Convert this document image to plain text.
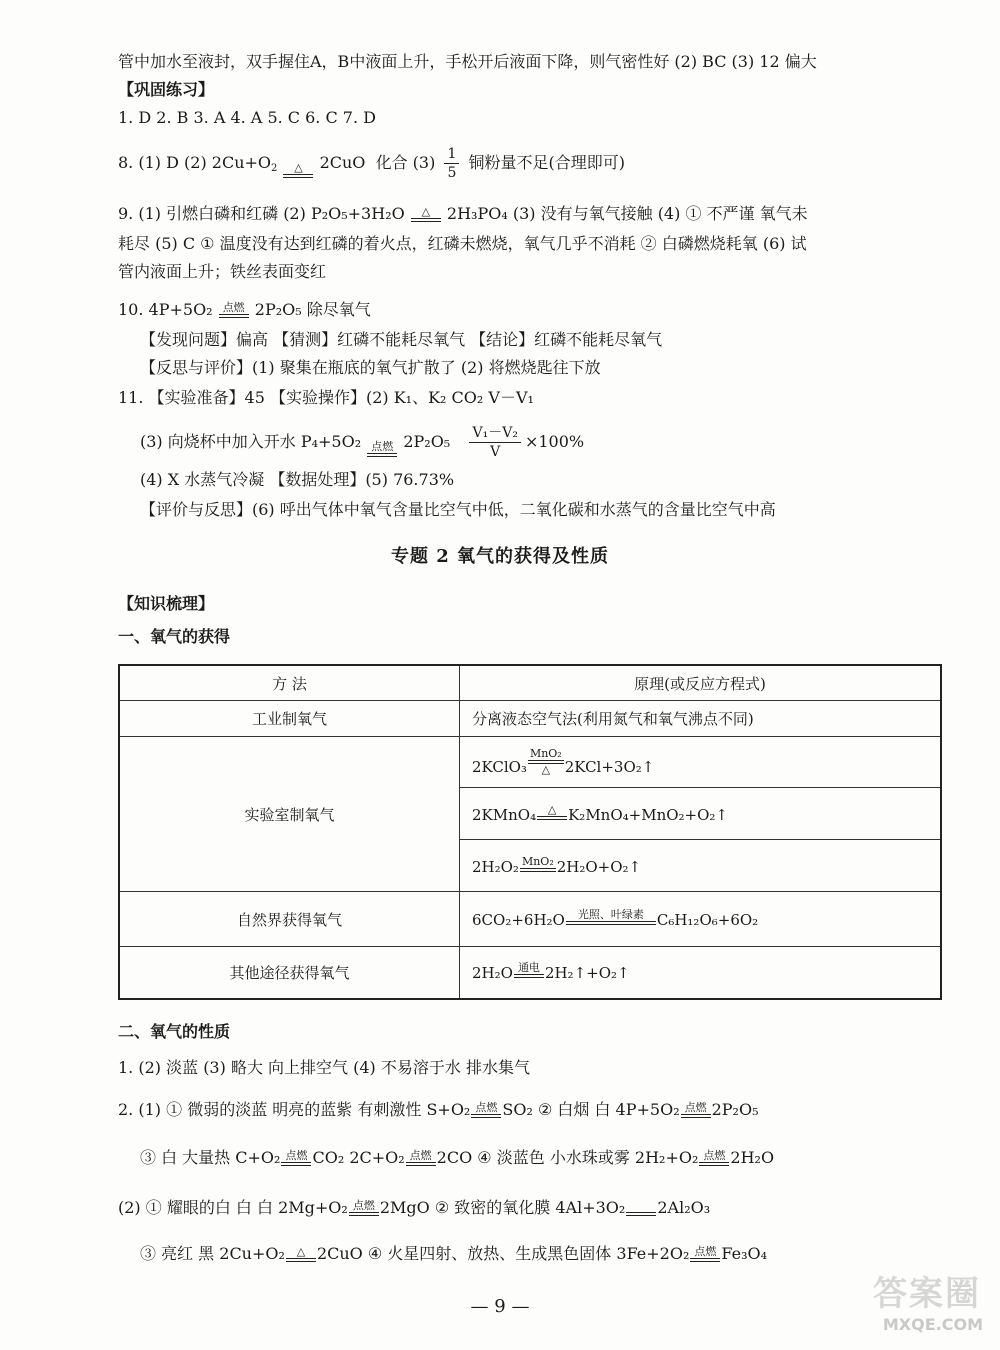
管中加水至液封，双手握住A，B中液面上升，手松开后液面下降，则气密性好 (2) BC (3) 12 偏大
【巩固练习】
1. D 2. B 3. A 4. A 5. C 6. C 7. D
8. (1) D (2) $2Cu+O_2$ △ 2CuO 化合 $(3) \frac{1}{5}$ 铜粉量不足(合理即可)
9. (1) 引燃白磷和红磷 (2) P₂O₅+3H₂O △ 2H₃PO₄ (3) 没有与氧气接触 (4) ① 不严谨 氧气未
耗尽 (5) C ① 温度没有达到红磷的着火点，红磷未燃烧，氧气几乎不消耗 ② 白磷燃烧耗氧 (6) 试
管内液面上升；铁丝表面变红
10. 4P+5O₂ 点燃 2P₂O₅ 除尽氧气
【发现问题】偏高 【猜测】红磷不能耗尽氧气 【结论】红磷不能耗尽氧气
【反思与评价】(1) 聚集在瓶底的氧气扩散了 (2) 将燃烧匙往下放
11. 【实验准备】45 【实验操作】(2) K₁、K₂ CO₂ V－V₁
(3) 向烧杯中加入开水 P₄+5O₂ 点燃 $2P_2O_5 \frac{\text{V₁－V₂}}{V} \times 100\%$
(4) X 水蒸气冷凝 【数据处理】(5) 76.73%
【评价与反思】(6) 呼出气体中氧气含量比空气中低，二氧化碳和水蒸气的含量比空气中高
专题 2 氧气的获得及性质
【知识梳理】
一、氧气的获得
方 法	原理(或反应方程式)
工业制氧气	分离液态空气法(利用氮气和氧气沸点不同)
实验室制氧气	2KClO₃
MnO₂
△ 2KCl+3O₂↑
	2KMnO₄ △ K₂MnO₄+MnO₂+O₂↑
	2H₂O₂ MnO₂ 2H₂O+O₂↑
自然界获得氧气	6CO₂+6H₂O 光照、叶绿素 C₆H₁₂O₆+6O₂
其他途径获得氧气	2H₂O 通电 2H₂↑+O₂↑
二、氧气的性质
1. (2) 淡蓝 (3) 略大 向上排空气 (4) 不易溶于水 排水集气
2. (1) ① 微弱的淡蓝 明亮的蓝紫 有刺激性 S+O₂ 点燃 SO₂ ② 白烟 白 4P+5O₂ 点燃 2P₂O₅
③ 白 大量热 C+O₂ 点燃 CO₂ 2C+O₂ 点燃 2CO ④ 淡蓝色 小水珠或雾 2H₂+O₂ 点燃 2H₂O
(2) ① 耀眼的白 白 白 2Mg+O₂ 点燃 2MgO ② 致密的氧化膜 4Al+3O₂ 2Al₂O₃
③ 亮红 黑 2Cu+O₂ △ 2CuO ④ 火星四射、放热、生成黑色固体 3Fe+2O₂ 点燃 Fe₃O₄
— 9 —	答案圈
MXQE.COM
